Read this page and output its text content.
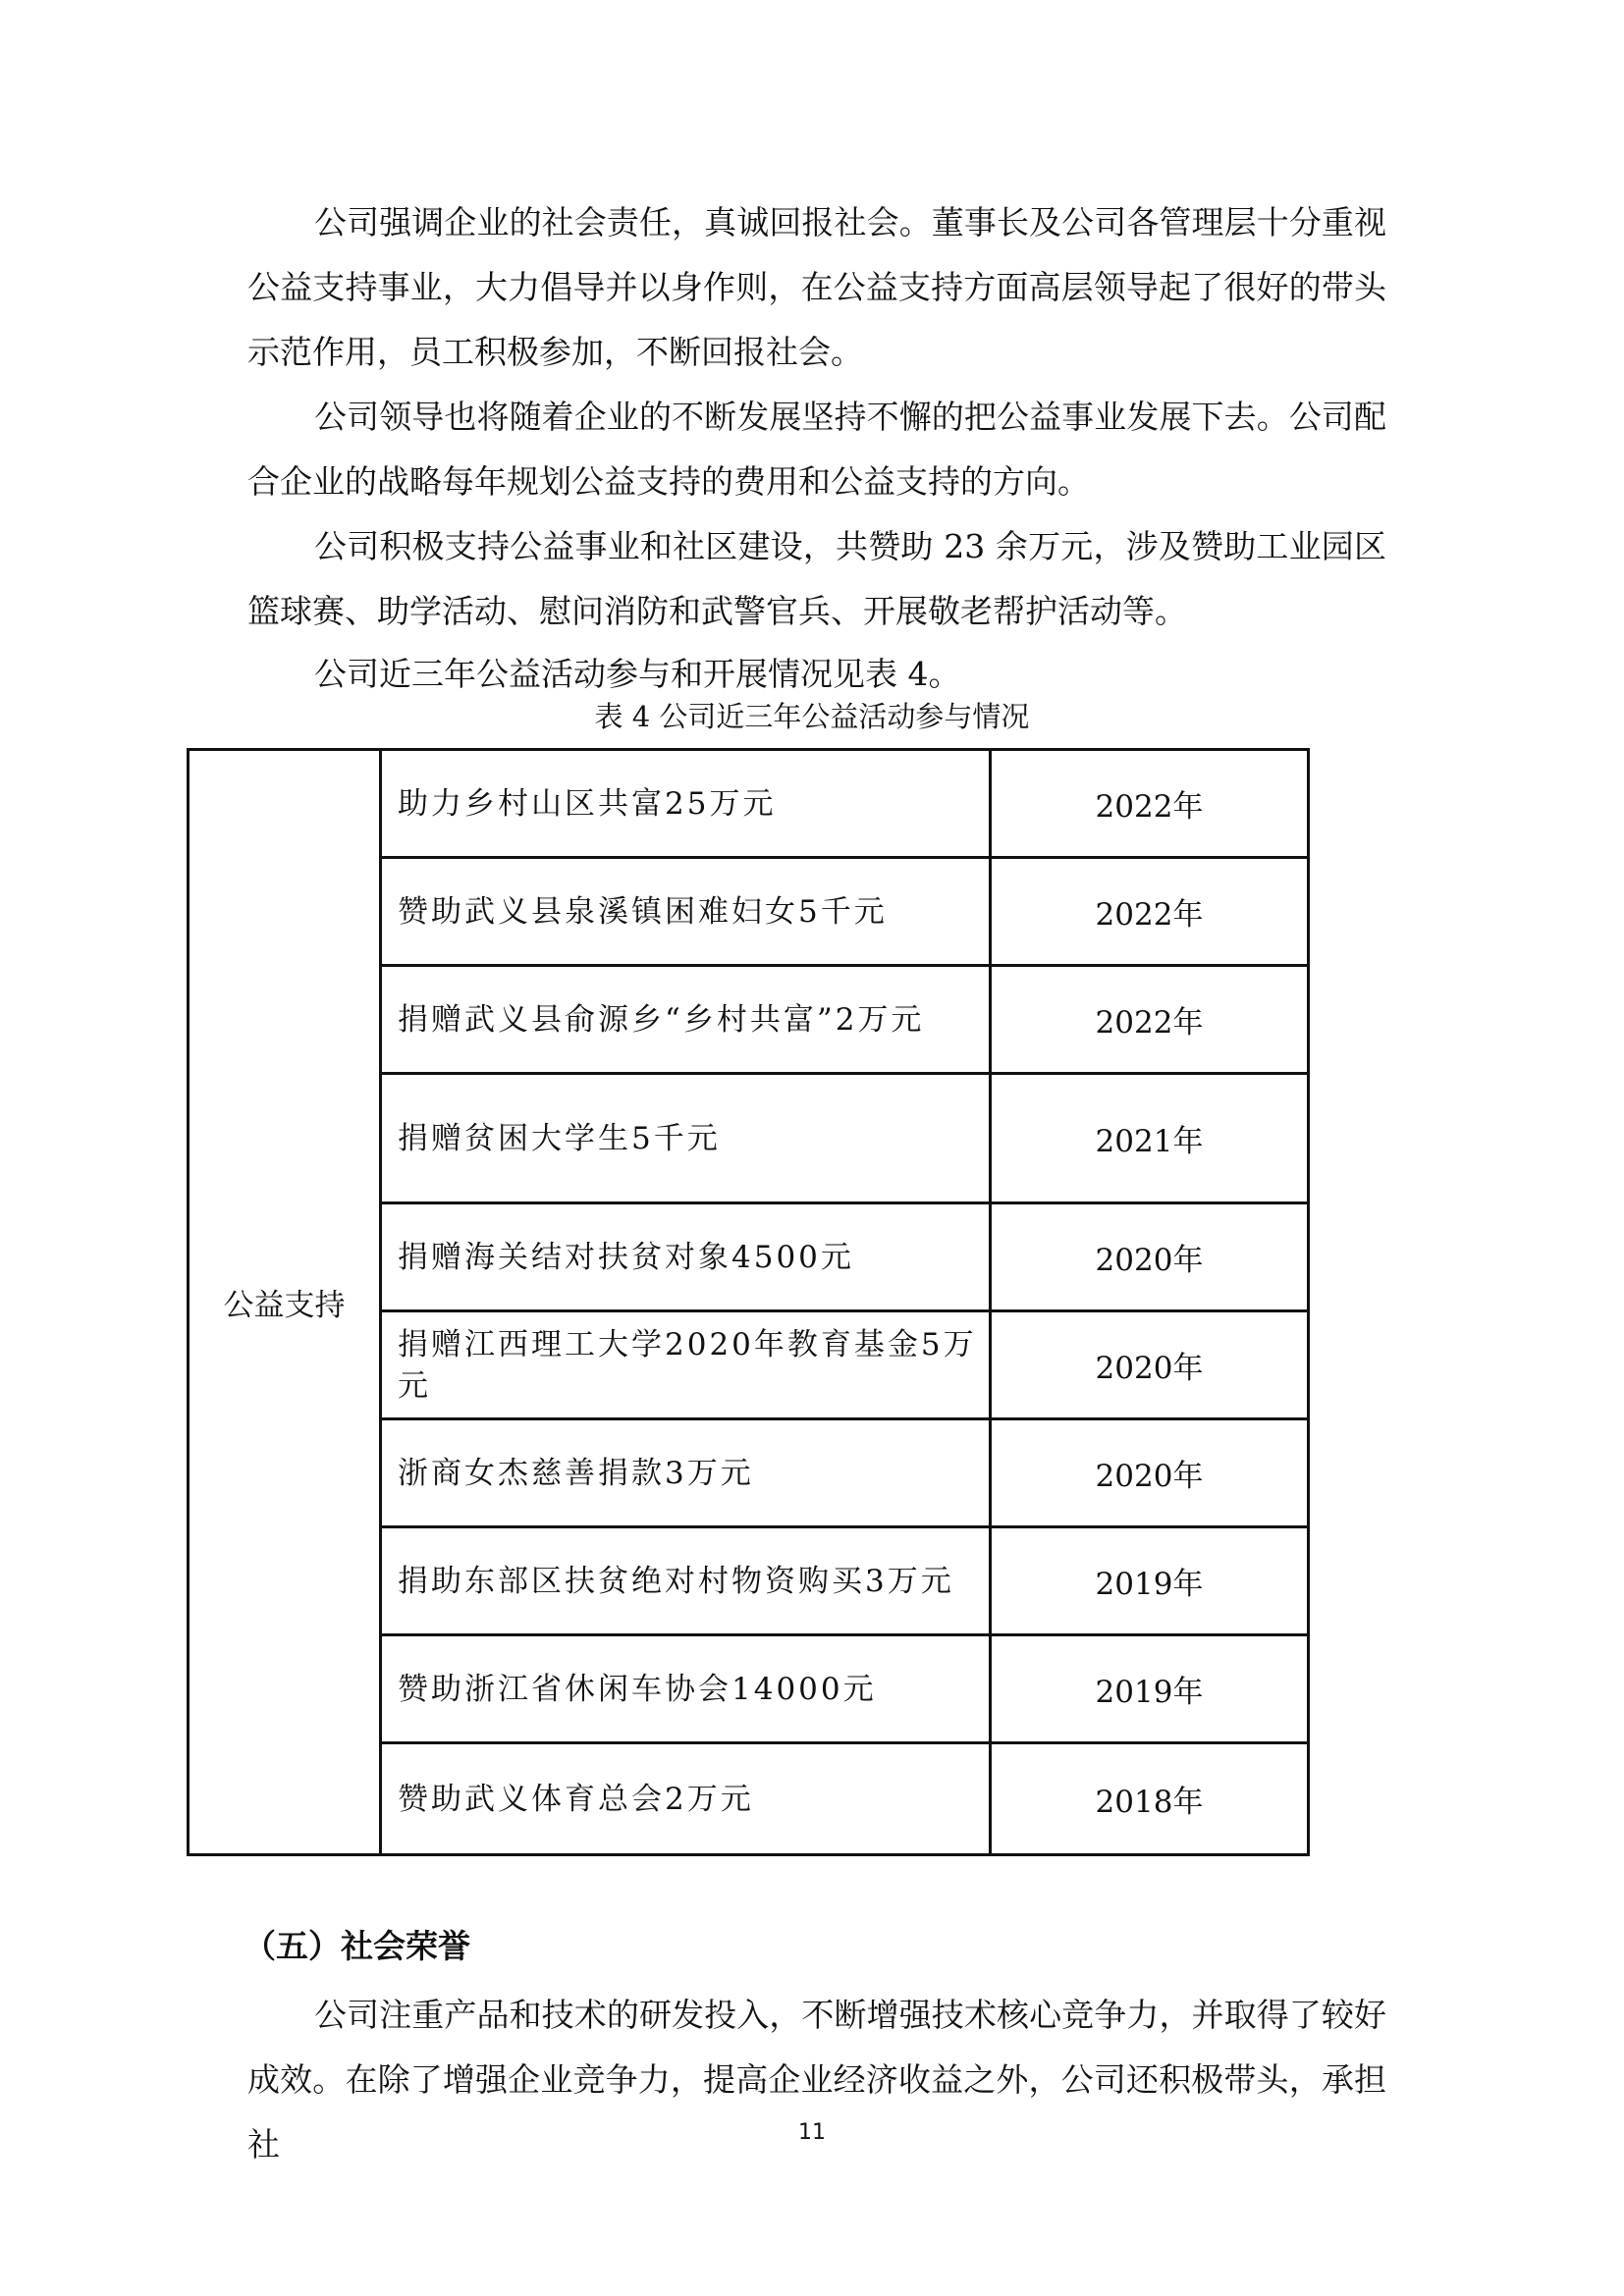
公司强调企业的社会责任，真诚回报社会。董事长及公司各管理层十分重视公益支持事业，大力倡导并以身作则，在公益支持方面高层领导起了很好的带头示范作用，员工积极参加，不断回报社会。

公司领导也将随着企业的不断发展坚持不懈的把公益事业发展下去。公司配合企业的战略每年规划公益支持的费用和公益支持的方向。

公司积极支持公益事业和社区建设，共赞助 23 余万元，涉及赞助工业园区篮球赛、助学活动、慰问消防和武警官兵、开展敬老帮护活动等。

公司近三年公益活动参与和开展情况见表 4。

表 4 公司近三年公益活动参与情况

公益支持	助力乡村山区共富25万元	2022年
	赞助武义县泉溪镇困难妇女5千元	2022年
	捐赠武义县俞源乡“乡村共富”2万元	2022年
	捐赠贫困大学生5千元	2021年
	捐赠海关结对扶贫对象4500元	2020年
	捐赠江西理工大学2020年教育基金5万元	2020年
	浙商女杰慈善捐款3万元	2020年
	捐助东部区扶贫绝对村物资购买3万元	2019年
	赞助浙江省休闲车协会14000元	2019年
	赞助武义体育总会2万元	2018年
（五）社会荣誉

公司注重产品和技术的研发投入，不断增强技术核心竞争力，并取得了较好成效。在除了增强企业竞争力，提高企业经济收益之外，公司还积极带头，承担社	11
